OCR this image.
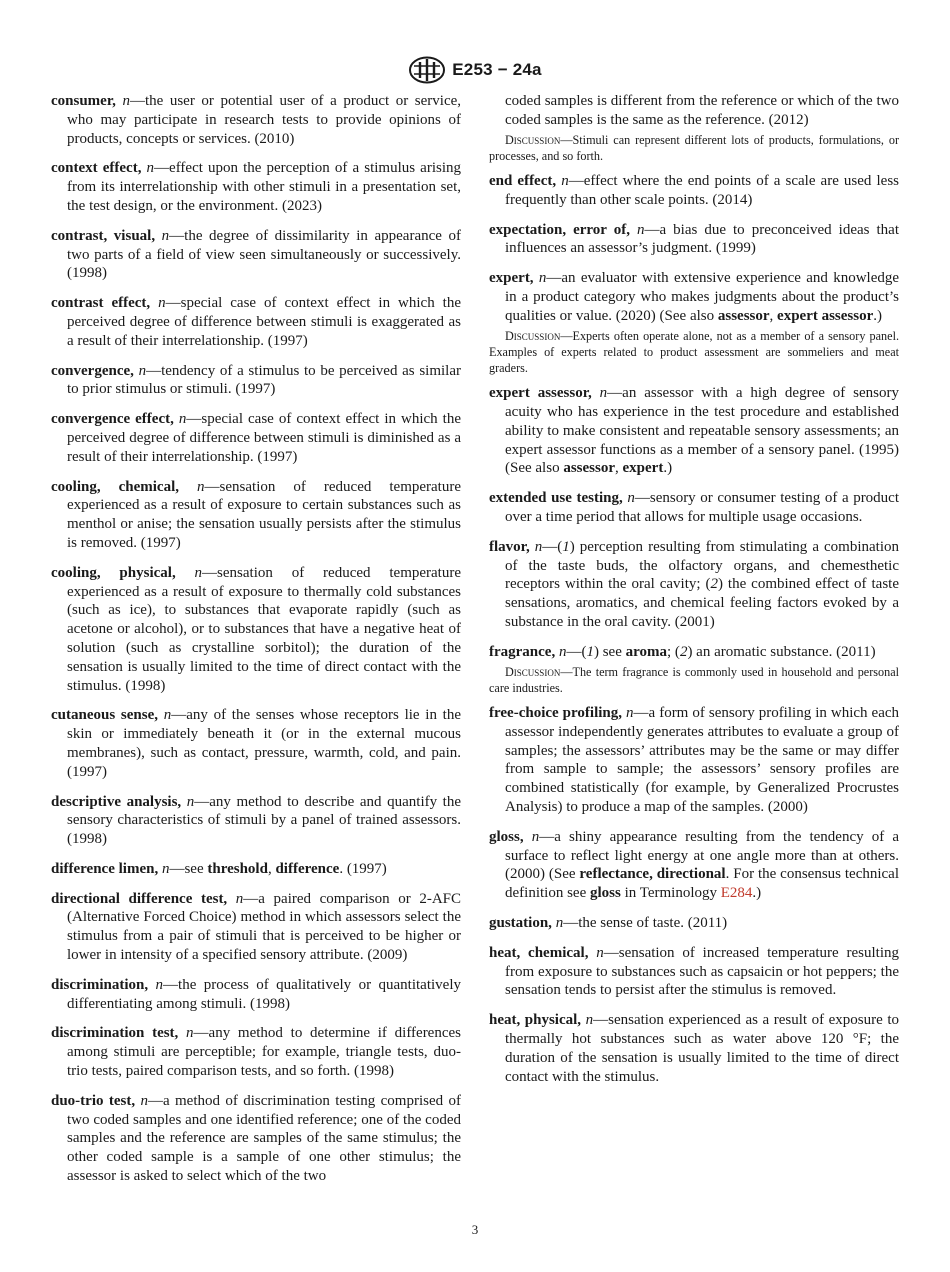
E253 − 24a
consumer, n—the user or potential user of a product or service, who may participate in research tests to provide opinions of products, concepts or services. (2010)
context effect, n—effect upon the perception of a stimulus arising from its interrelationship with other stimuli in a presentation set, the test design, or the environment. (2023)
contrast, visual, n—the degree of dissimilarity in appearance of two parts of a field of view seen simultaneously or successively. (1998)
contrast effect, n—special case of context effect in which the perceived degree of difference between stimuli is exaggerated as a result of their interrelationship. (1997)
convergence, n—tendency of a stimulus to be perceived as similar to prior stimulus or stimuli. (1997)
convergence effect, n—special case of context effect in which the perceived degree of difference between stimuli is diminished as a result of their interrelationship. (1997)
cooling, chemical, n—sensation of reduced temperature experienced as a result of exposure to certain substances such as menthol or anise; the sensation usually persists after the stimulus is removed. (1997)
cooling, physical, n—sensation of reduced temperature experienced as a result of exposure to thermally cold substances (such as ice), to substances that evaporate rapidly (such as acetone or alcohol), or to substances that have a negative heat of solution (such as crystalline sorbitol); the duration of the sensation is usually limited to the time of direct contact with the stimulus. (1998)
cutaneous sense, n—any of the senses whose receptors lie in the skin or immediately beneath it (or in the external mucous membranes), such as contact, pressure, warmth, cold, and pain. (1997)
descriptive analysis, n—any method to describe and quantify the sensory characteristics of stimuli by a panel of trained assessors. (1998)
difference limen, n—see threshold, difference. (1997)
directional difference test, n—a paired comparison or 2-AFC (Alternative Forced Choice) method in which assessors select the stimulus from a pair of stimuli that is perceived to be higher or lower in intensity of a specified sensory attribute. (2009)
discrimination, n—the process of qualitatively or quantitatively differentiating among stimuli. (1998)
discrimination test, n—any method to determine if differences among stimuli are perceptible; for example, triangle tests, duo-trio tests, paired comparison tests, and so forth. (1998)
duo-trio test, n—a method of discrimination testing comprised of two coded samples and one identified reference; one of the coded samples and the reference are samples of the same stimulus; the other coded sample is a sample of one other stimulus; the assessor is asked to select which of the two
coded samples is different from the reference or which of the two coded samples is the same as the reference. (2012)
Discussion—Stimuli can represent different lots of products, formulations, or processes, and so forth.
end effect, n—effect where the end points of a scale are used less frequently than other scale points. (2014)
expectation, error of, n—a bias due to preconceived ideas that influences an assessor’s judgment. (1999)
expert, n—an evaluator with extensive experience and knowledge in a product category who makes judgments about the product’s qualities or value. (2020) (See also assessor, expert assessor.)
Discussion—Experts often operate alone, not as a member of a sensory panel. Examples of experts related to product assessment are sommeliers and meat graders.
expert assessor, n—an assessor with a high degree of sensory acuity who has experience in the test procedure and established ability to make consistent and repeatable sensory assessments; an expert assessor functions as a member of a sensory panel. (1995) (See also assessor, expert.)
extended use testing, n—sensory or consumer testing of a product over a time period that allows for multiple usage occasions.
flavor, n—(1) perception resulting from stimulating a combination of the taste buds, the olfactory organs, and chemesthetic receptors within the oral cavity; (2) the combined effect of taste sensations, aromatics, and chemical feeling factors evoked by a substance in the oral cavity. (2001)
fragrance, n—(1) see aroma; (2) an aromatic substance. (2011)
Discussion—The term fragrance is commonly used in household and personal care industries.
free-choice profiling, n—a form of sensory profiling in which each assessor independently generates attributes to evaluate a group of samples; the assessors’ attributes may be the same or may differ from sample to sample; the assessors’ sensory profiles are combined statistically (for example, by Generalized Procrustes Analysis) to produce a map of the samples. (2000)
gloss, n—a shiny appearance resulting from the tendency of a surface to reflect light energy at one angle more than at others. (2000) (See reflectance, directional. For the consensus technical definition see gloss in Terminology E284.)
gustation, n—the sense of taste. (2011)
heat, chemical, n—sensation of increased temperature resulting from exposure to substances such as capsaicin or hot peppers; the sensation tends to persist after the stimulus is removed.
heat, physical, n—sensation experienced as a result of exposure to thermally hot substances such as water above 120 °F; the duration of the sensation is usually limited to the time of direct contact with the stimulus.
3
